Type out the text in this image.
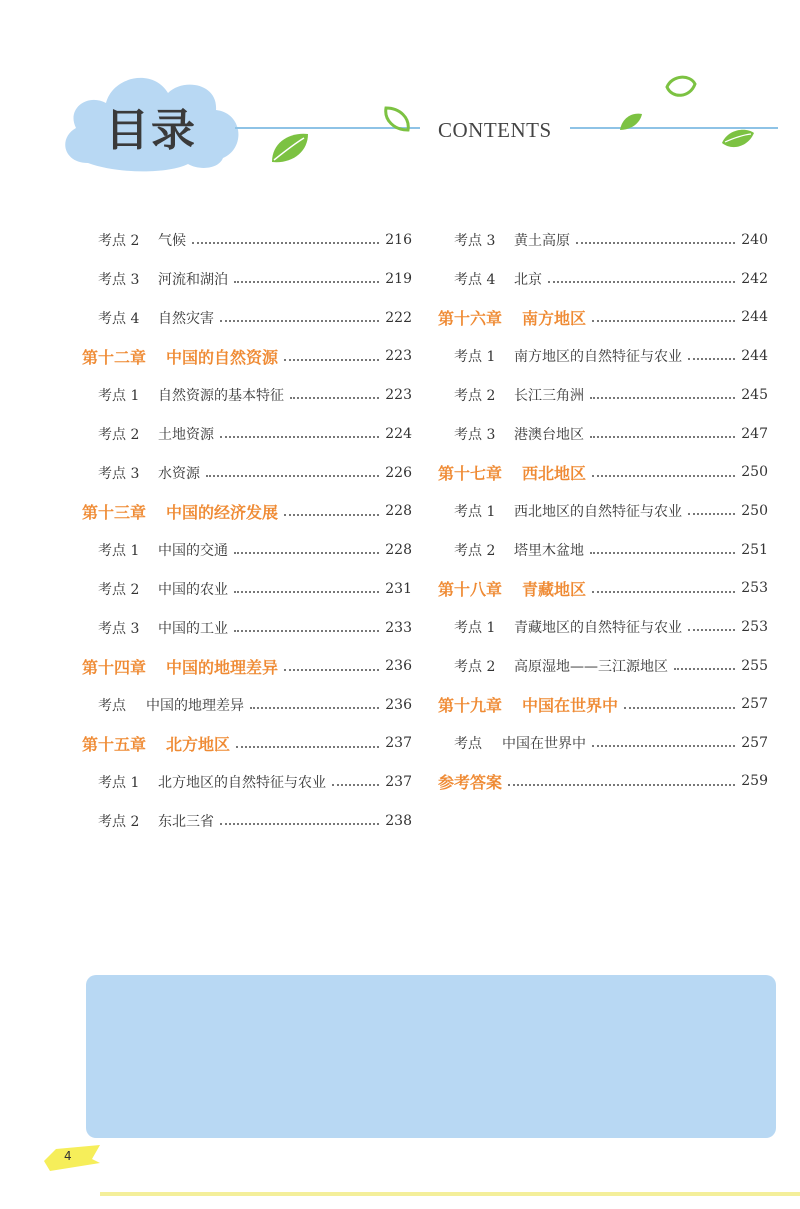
目录	CONTENTS
考点 2	气候	216
考点 3	河流和湖泊	219
考点 4	自然灾害	222
第十二章 中国的自然资源	223
考点 1	自然资源的基本特征	223
考点 2	土地资源	224
考点 3	水资源	226
第十三章 中国的经济发展	228
考点 1	中国的交通	228
考点 2	中国的农业	231
考点 3	中国的工业	233
第十四章 中国的地理差异	236
考点	中国的地理差异	236
第十五章 北方地区	237
考点 1	北方地区的自然特征与农业	237
考点 2	东北三省	238
考点 3	黄土高原	240
考点 4	北京	242
第十六章 南方地区	244
考点 1	南方地区的自然特征与农业	244
考点 2	长江三角洲	245
考点 3	港澳台地区	247
第十七章 西北地区	250
考点 1	西北地区的自然特征与农业	250
考点 2	塔里木盆地	251
第十八章 青藏地区	253
考点 1	青藏地区的自然特征与农业	253
考点 2	高原湿地——三江源地区	255
第十九章 中国在世界中	257
考点	中国在世界中	257
参考答案	259
4
